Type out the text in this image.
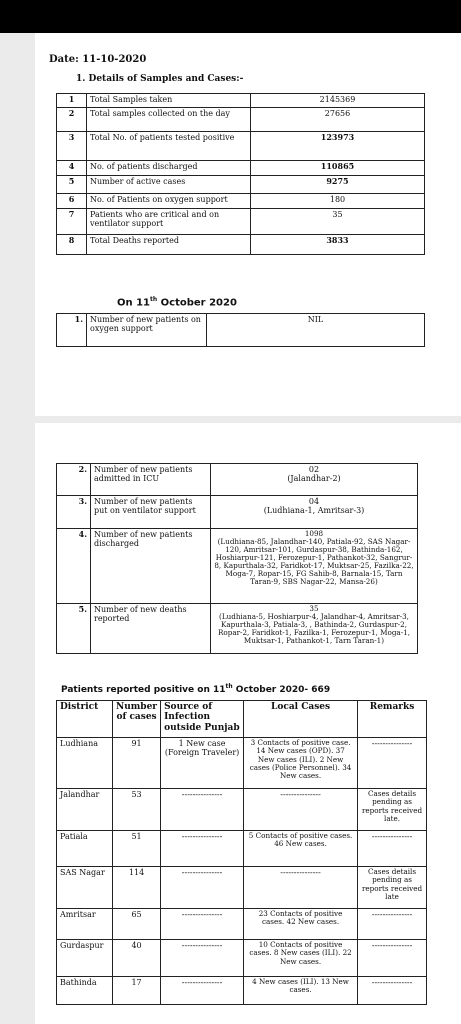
Date: 11-10-2020
1. Details of Samples and Cases:-
1	Total Samples taken	2145369
2	Total samples collected on the day	27656
3	Total No. of patients tested positive	123973
4	No. of patients discharged	110865
5	Number of active cases	9275
6	No. of Patients on oxygen support	180
7	Patients who are critical and on ventilator support	35
8	Total Deaths reported	3833
On 11th October 2020
1.	Number of new patients on oxygen support	NIL
2.	Number of new patients admitted in ICU	02
(Jalandhar-2)
3.	Number of new patients put on ventilator support	04
(Ludhiana-1, Amritsar-3)
4.	Number of new patients discharged	1098
(Ludhiana-85, Jalandhar-140, Patiala-92, SAS Nagar-120, Amritsar-101, Gurdaspur-38, Bathinda-162, Hoshiarpur-121, Ferozepur-1, Pathankot-32, Sangrur-8, Kapurthala-32, Faridkot-17, Muktsar-25, Fazilka-22, Moga-7, Ropar-15, FG Sahib-8, Barnala-15, Tarn Taran-9, SBS Nagar-22, Mansa-26)
5.	Number of new deaths reported	35
(Ludhiana-5, Hoshiarpur-4, Jalandhar-4, Amritsar-3, Kapurthala-3, Patiala-3, , Bathinda-2, Gurdaspur-2, Ropar-2, Faridkot-1, Fazilka-1, Ferozepur-1, Moga-1, Muktsar-1, Pathankot-1, Tarn Taran-1)
Patients reported positive on 11th October 2020- 669
District	Number of cases	Source of Infection outside Punjab	Local Cases	Remarks
Ludhiana	91	1 New case (Foreign Traveler)	3 Contacts of positive case. 14 New cases (OPD). 37 New cases (ILI). 2 New cases (Police Personnel). 34 New cases.	---------------
Jalandhar	53	---------------	---------------	Cases details pending as reports received late.
Patiala	51	---------------	5 Contacts of positive cases. 46 New cases.	---------------
SAS Nagar	114	---------------	---------------	Cases details pending as reports received late
Amritsar	65	---------------	23 Contacts of positive cases. 42 New cases.	---------------
Gurdaspur	40	---------------	10 Contacts of positive cases. 8 New cases (ILI). 22 New cases.	---------------
Bathinda	17	---------------	4 New cases (ILI). 13 New cases.	---------------
